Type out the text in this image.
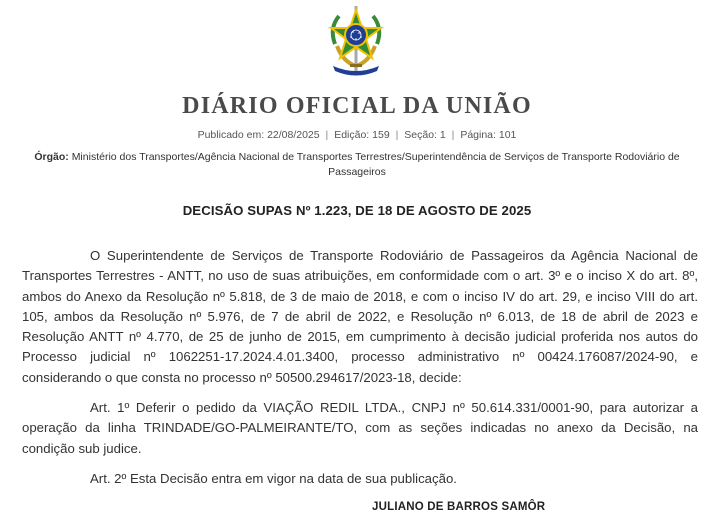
DIÁRIO OFICIAL DA UNIÃO
Publicado em: 22/08/2025 | Edição: 159 | Seção: 1 | Página: 101
Órgão: Ministério dos Transportes/Agência Nacional de Transportes Terrestres/Superintendência de Serviços de Transporte Rodoviário de Passageiros
DECISÃO SUPAS Nº 1.223, DE 18 DE AGOSTO DE 2025

O Superintendente de Serviços de Transporte Rodoviário de Passageiros da Agência Nacional de Transportes Terrestres - ANTT, no uso de suas atribuições, em conformidade com o art. 3º e o inciso X do art. 8º, ambos do Anexo da Resolução nº 5.818, de 3 de maio de 2018, e com o inciso IV do art. 29, e inciso VIII do art. 105, ambos da Resolução nº 5.976, de 7 de abril de 2022, e Resolução nº 6.013, de 18 de abril de 2023 e Resolução ANTT nº 4.770, de 25 de junho de 2015, em cumprimento à decisão judicial proferida nos autos do Processo judicial nº 1062251-17.2024.4.01.3400, processo administrativo nº 00424.176087/2024-90, e considerando o que consta no processo nº 50500.294617/2023-18, decide:

Art. 1º Deferir o pedido da VIAÇÃO REDIL LTDA., CNPJ nº 50.614.331/0001-90, para autorizar a operação da linha TRINDADE/GO-PALMEIRANTE/TO, com as seções indicadas no anexo da Decisão, na condição sub judice.

Art. 2º Esta Decisão entra em vigor na data de sua publicação.

JULIANO DE BARROS SAMÔR
